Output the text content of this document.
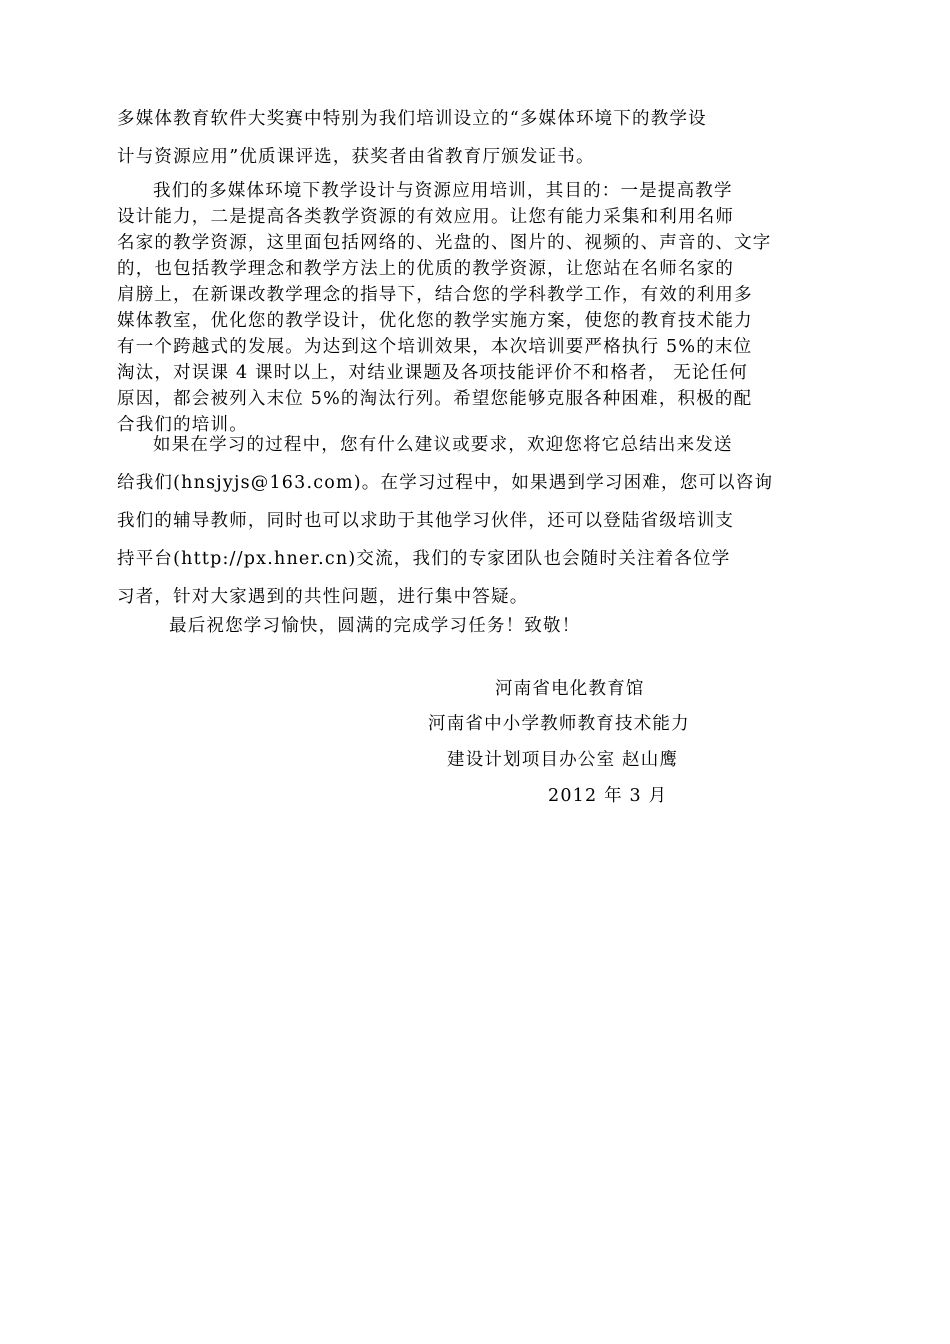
多媒体教育软件大奖赛中特别为我们培训设立的“多媒体环境下的教学设
计与资源应用”优质课评选，获奖者由省教育厅颁发证书。
我们的多媒体环境下教学设计与资源应用培训，其目的：一是提高教学
设计能力，二是提高各类教学资源的有效应用。让您有能力采集和利用名师
名家的教学资源，这里面包括网络的、光盘的、图片的、视频的、声音的、文字
的，也包括教学理念和教学方法上的优质的教学资源，让您站在名师名家的
肩膀上，在新课改教学理念的指导下，结合您的学科教学工作，有效的利用多
媒体教室，优化您的教学设计，优化您的教学实施方案，使您的教育技术能力
有一个跨越式的发展。为达到这个培训效果，本次培训要严格执行 5%的末位
淘汰，对误课 4 课时以上，对结业课题及各项技能评价不和格者， 无论任何
原因，都会被列入末位 5%的淘汰行列。希望您能够克服各种困难，积极的配
合我们的培训。
如果在学习的过程中，您有什么建议或要求，欢迎您将它总结出来发送
给我们(hnsjyjs@163.com)。在学习过程中，如果遇到学习困难，您可以咨询
我们的辅导教师，同时也可以求助于其他学习伙伴，还可以登陆省级培训支
持平台(http://px.hner.cn)交流，我们的专家团队也会随时关注着各位学
习者，针对大家遇到的共性问题，进行集中答疑。
最后祝您学习愉快，圆满的完成学习任务！致敬！
河南省电化教育馆
河南省中小学教师教育技术能力
建设计划项目办公室 赵山鹰
2012 年 3 月
